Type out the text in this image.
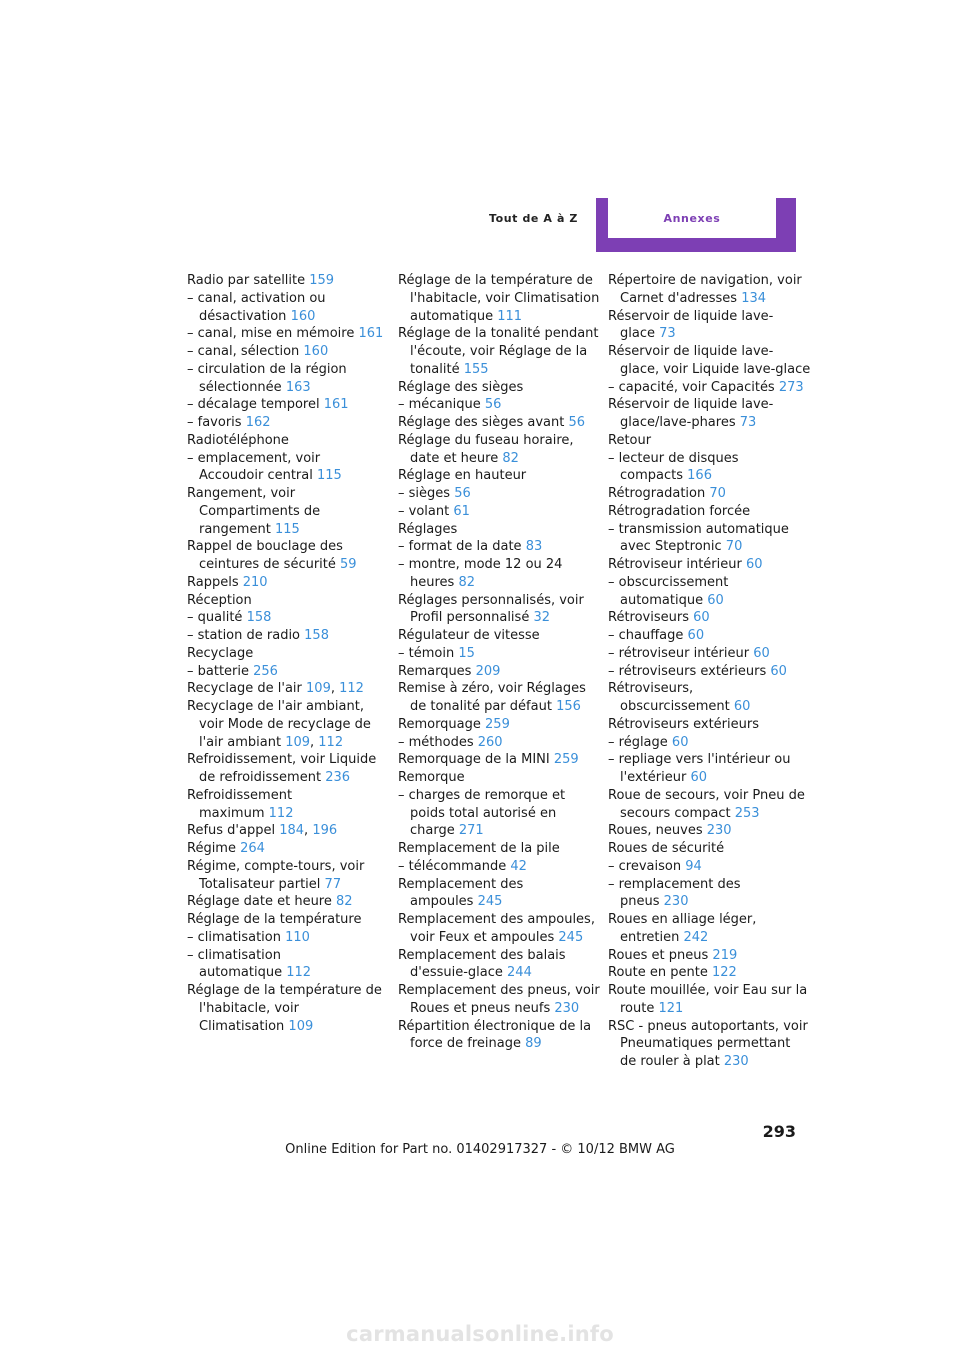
Tout de A à Z	Annexes
Radio par satellite 159
– canal, activation ou
désactivation 160
– canal, mise en mémoire 161
– canal, sélection 160
– circulation de la région
sélectionnée 163
– décalage temporel 161
– favoris 162
Radiotéléphone
– emplacement, voir
Accoudoir central 115
Rangement, voir
Compartiments de
rangement 115
Rappel de bouclage des
ceintures de sécurité 59
Rappels 210
Réception
– qualité 158
– station de radio 158
Recyclage
– batterie 256
Recyclage de l'air 109, 112
Recyclage de l'air ambiant,
voir Mode de recyclage de
l'air ambiant 109, 112
Refroidissement, voir Liquide
de refroidissement 236
Refroidissement
maximum 112
Refus d'appel 184, 196
Régime 264
Régime, compte-tours, voir
Totalisateur partiel 77
Réglage date et heure 82
Réglage de la température
– climatisation 110
– climatisation
automatique 112
Réglage de la température de
l'habitacle, voir
Climatisation 109
Réglage de la température de
l'habitacle, voir Climatisation
automatique 111
Réglage de la tonalité pendant
l'écoute, voir Réglage de la
tonalité 155
Réglage des sièges
– mécanique 56
Réglage des sièges avant 56
Réglage du fuseau horaire,
date et heure 82
Réglage en hauteur
– sièges 56
– volant 61
Réglages
– format de la date 83
– montre, mode 12 ou 24
heures 82
Réglages personnalisés, voir
Profil personnalisé 32
Régulateur de vitesse
– témoin 15
Remarques 209
Remise à zéro, voir Réglages
de tonalité par défaut 156
Remorquage 259
– méthodes 260
Remorquage de la MINI 259
Remorque
– charges de remorque et
poids total autorisé en
charge 271
Remplacement de la pile
– télécommande 42
Remplacement des
ampoules 245
Remplacement des ampoules,
voir Feux et ampoules 245
Remplacement des balais
d'essuie-glace 244
Remplacement des pneus, voir
Roues et pneus neufs 230
Répartition électronique de la
force de freinage 89
Répertoire de navigation, voir
Carnet d'adresses 134
Réservoir de liquide lave-
glace 73
Réservoir de liquide lave-
glace, voir Liquide lave-glace
– capacité, voir Capacités 273
Réservoir de liquide lave-
glace/lave-phares 73
Retour
– lecteur de disques
compacts 166
Rétrogradation 70
Rétrogradation forcée
– transmission automatique
avec Steptronic 70
Rétroviseur intérieur 60
– obscurcissement
automatique 60
Rétroviseurs 60
– chauffage 60
– rétroviseur intérieur 60
– rétroviseurs extérieurs 60
Rétroviseurs,
obscurcissement 60
Rétroviseurs extérieurs
– réglage 60
– repliage vers l'intérieur ou
l'extérieur 60
Roue de secours, voir Pneu de
secours compact 253
Roues, neuves 230
Roues de sécurité
– crevaison 94
– remplacement des
pneus 230
Roues en alliage léger,
entretien 242
Roues et pneus 219
Route en pente 122
Route mouillée, voir Eau sur la
route 121
RSC - pneus autoportants, voir
Pneumatiques permettant
de rouler à plat 230
293
Online Edition for Part no. 01402917327 - © 10/12 BMW AG
carmanualsonline.info
